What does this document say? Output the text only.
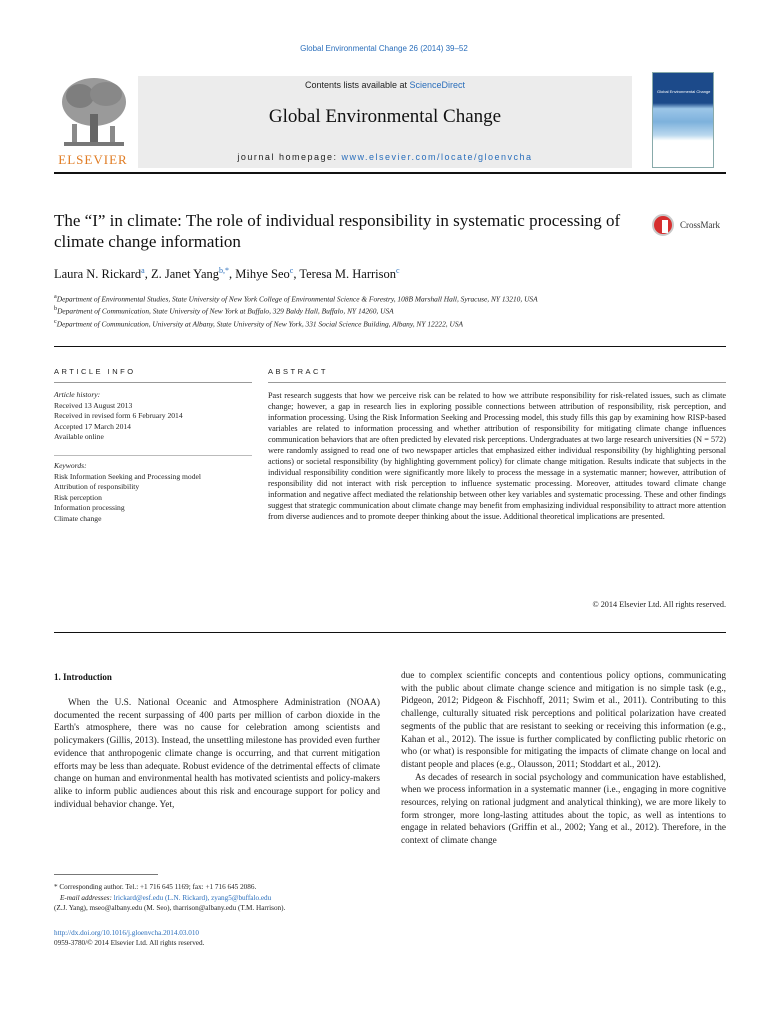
Global Environmental Change 26 (2014) 39–52
ELSEVIER
Contents lists available at ScienceDirect
Global Environmental Change
journal homepage: www.elsevier.com/locate/gloenvcha
Global Environmental Change
The “I” in climate: The role of individual responsibility in systematic processing of climate change information
CrossMark
Laura N. Rickard$^a$, Z. Janet Yang$^{b,*}$, Mihye Seo$^c$, Teresa M. Harrison$^c$
$^a$Department of Environmental Studies, State University of New York College of Environmental Science & Forestry, 108B Marshall Hall, Syracuse, NY 13210, USA
$^b$Department of Communication, State University of New York at Buffalo, 329 Baldy Hall, Buffalo, NY 14260, USA
$^c$Department of Communication, University at Albany, State University of New York, 331 Social Science Building, Albany, NY 12222, USA
ARTICLE INFO	ABSTRACT
Article history:
Received 13 August 2013
Received in revised form 6 February 2014
Accepted 17 March 2014
Available online
Keywords:
Risk Information Seeking and Processing model
Attribution of responsibility
Risk perception
Information processing
Climate change
Past research suggests that how we perceive risk can be related to how we attribute responsibility for risk-related issues, such as climate change; however, a gap in research lies in exploring possible connections between attribution of responsibility, risk perception, and information processing. Using the Risk Information Seeking and Processing model, this study fills this gap by examining how RISP-based variables are related to information processing and whether attribution of responsibility for mitigating climate change influences communication behaviors that are often predicted by elevated risk perceptions. Undergraduates at two large research universities (N = 572) were randomly assigned to read one of two newspaper articles that emphasized either individual responsibility (by highlighting personal actions) or societal responsibility (by highlighting government policy) for climate change mitigation. Results indicate that subjects in the individual responsibility condition were significantly more likely to process the message in a systematic manner; however, attribution of responsibility did not interact with risk perception to influence systematic processing. Moreover, attitudes toward climate change information and negative affect mediated the relationship between other key variables and systematic processing. These and other findings suggest that strategic communication about climate change may benefit from emphasizing individual responsibility to attract more attention from diverse audiences and to promote deeper thinking about the issue. Additional theoretical implications are presented.
© 2014 Elsevier Ltd. All rights reserved.
1. Introduction

When the U.S. National Oceanic and Atmosphere Administration (NOAA) documented the recent surpassing of 400 parts per million of carbon dioxide in the Earth's atmosphere, there was no cause for celebration among scientists and policymakers (Gillis, 2013). Instead, the unsettling milestone has provided even further evidence that anthropogenic climate change is occurring, and that current mitigation efforts may be less than adequate. Robust evidence of the detrimental effects of climate change on human and environmental health has motivated scientists and policy-makers alike to inform public audiences about this risk and encourage support for policy and individual behavior change. Yet,

due to complex scientific concepts and contentious policy options, communicating with the public about climate change science and mitigation is no simple task (e.g., Pidgeon, 2012; Pidgeon & Fischhoff, 2011; Swim et al., 2011). Contributing to this challenge, culturally situated risk perceptions and political polarization have created segments of the public that are resistant to seeking or receiving this information (e.g., Kahan et al., 2012). The issue is further complicated by conflicting public rhetoric on who (or what) is responsible for mitigating the impacts of climate change on local and distant people and places (e.g., Olausson, 2011; Stoddart et al., 2012).

As decades of research in social psychology and communication have established, when we process information in a systematic manner (i.e., engaging in more cognitive resources, relying on rational judgment and analytical thinking), we are more likely to form stronger, more long-lasting attitudes about the topic, as well as intentions to engage in related behaviors (Griffin et al., 2002; Yang et al., 2012). Therefore, in the context of climate change

* Corresponding author. Tel.: +1 716 645 1169; fax: +1 716 645 2086.
E-mail addresses: lrickard@esf.edu (L.N. Rickard), zyang5@buffalo.edu
(Z.J. Yang), mseo@albany.edu (M. Seo), tharrison@albany.edu (T.M. Harrison).
http://dx.doi.org/10.1016/j.gloenvcha.2014.03.010
0959-3780/© 2014 Elsevier Ltd. All rights reserved.
